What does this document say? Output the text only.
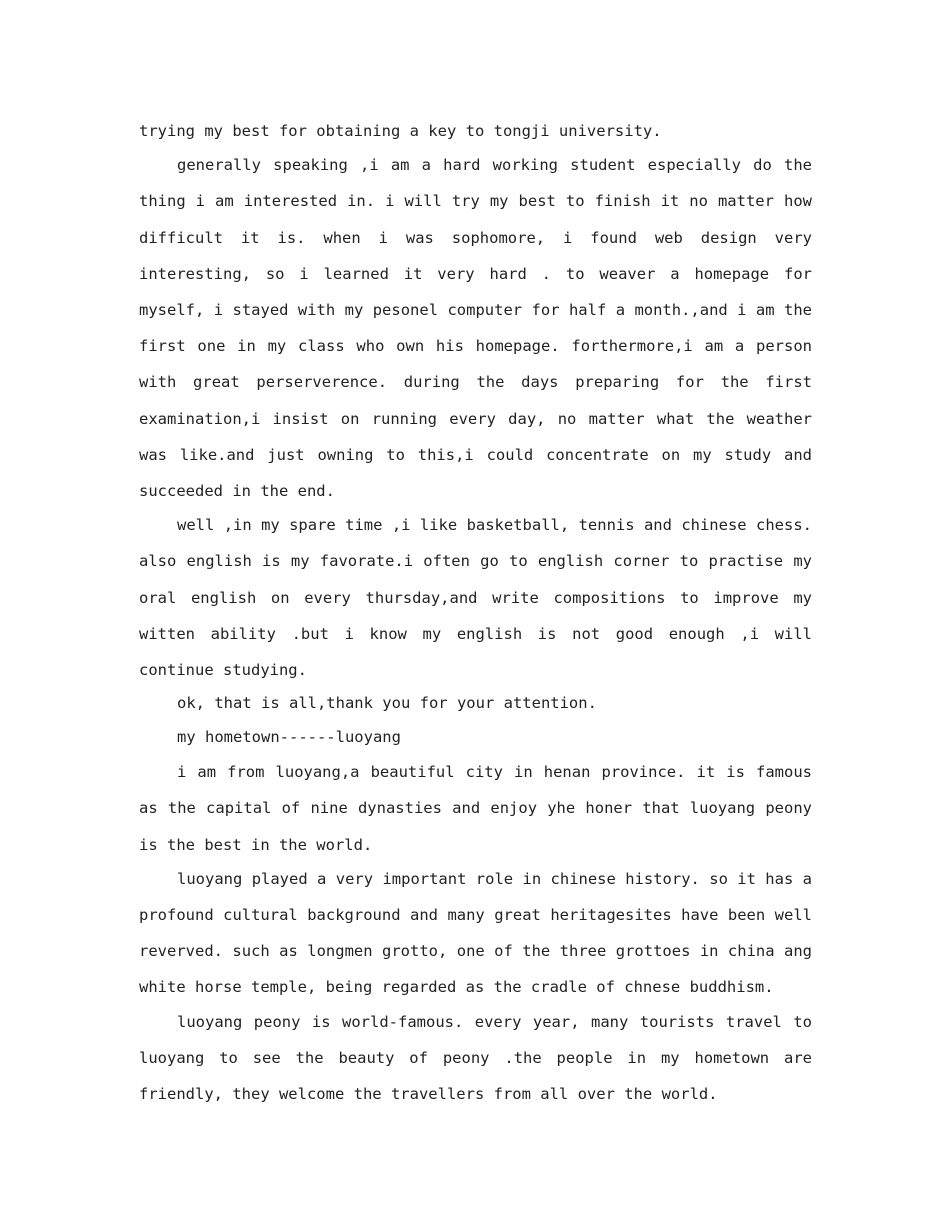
trying my best for obtaining a key to tongji university.

generally speaking ,i am a hard working student especially do the thing i am interested in. i will try my best to finish it no matter how difficult it is. when i was sophomore, i found web design very interesting, so i learned it very hard . to weaver a homepage for myself, i stayed with my pesonel computer for half a month.,and i am the first one in my class who own his homepage. forthermore,i am a person with great perserverence. during the days preparing for the first examination,i insist on running every day, no matter what the weather was like.and just owning to this,i could concentrate on my study and succeeded in the end.

well ,in my spare time ,i like basketball, tennis and chinese chess. also english is my favorate.i often go to english corner to practise my oral english on every thursday,and write compositions to improve my witten ability .but i know my english is not good enough ,i will continue studying.

ok, that is all,thank you for your attention.

my hometown------luoyang

i am from luoyang,a beautiful city in henan province. it is famous as the capital of nine dynasties and enjoy yhe honer that luoyang peony is the best in the world.

luoyang played a very important role in chinese history. so it has a profound cultural background and many great heritagesites have been well reverved. such as longmen grotto, one of the three grottoes in china ang white horse temple, being regarded as the cradle of chnese buddhism.

luoyang peony is world-famous. every year, many tourists travel to luoyang to see the beauty of peony .the people in my hometown are friendly, they welcome the travellers from all over the world.
